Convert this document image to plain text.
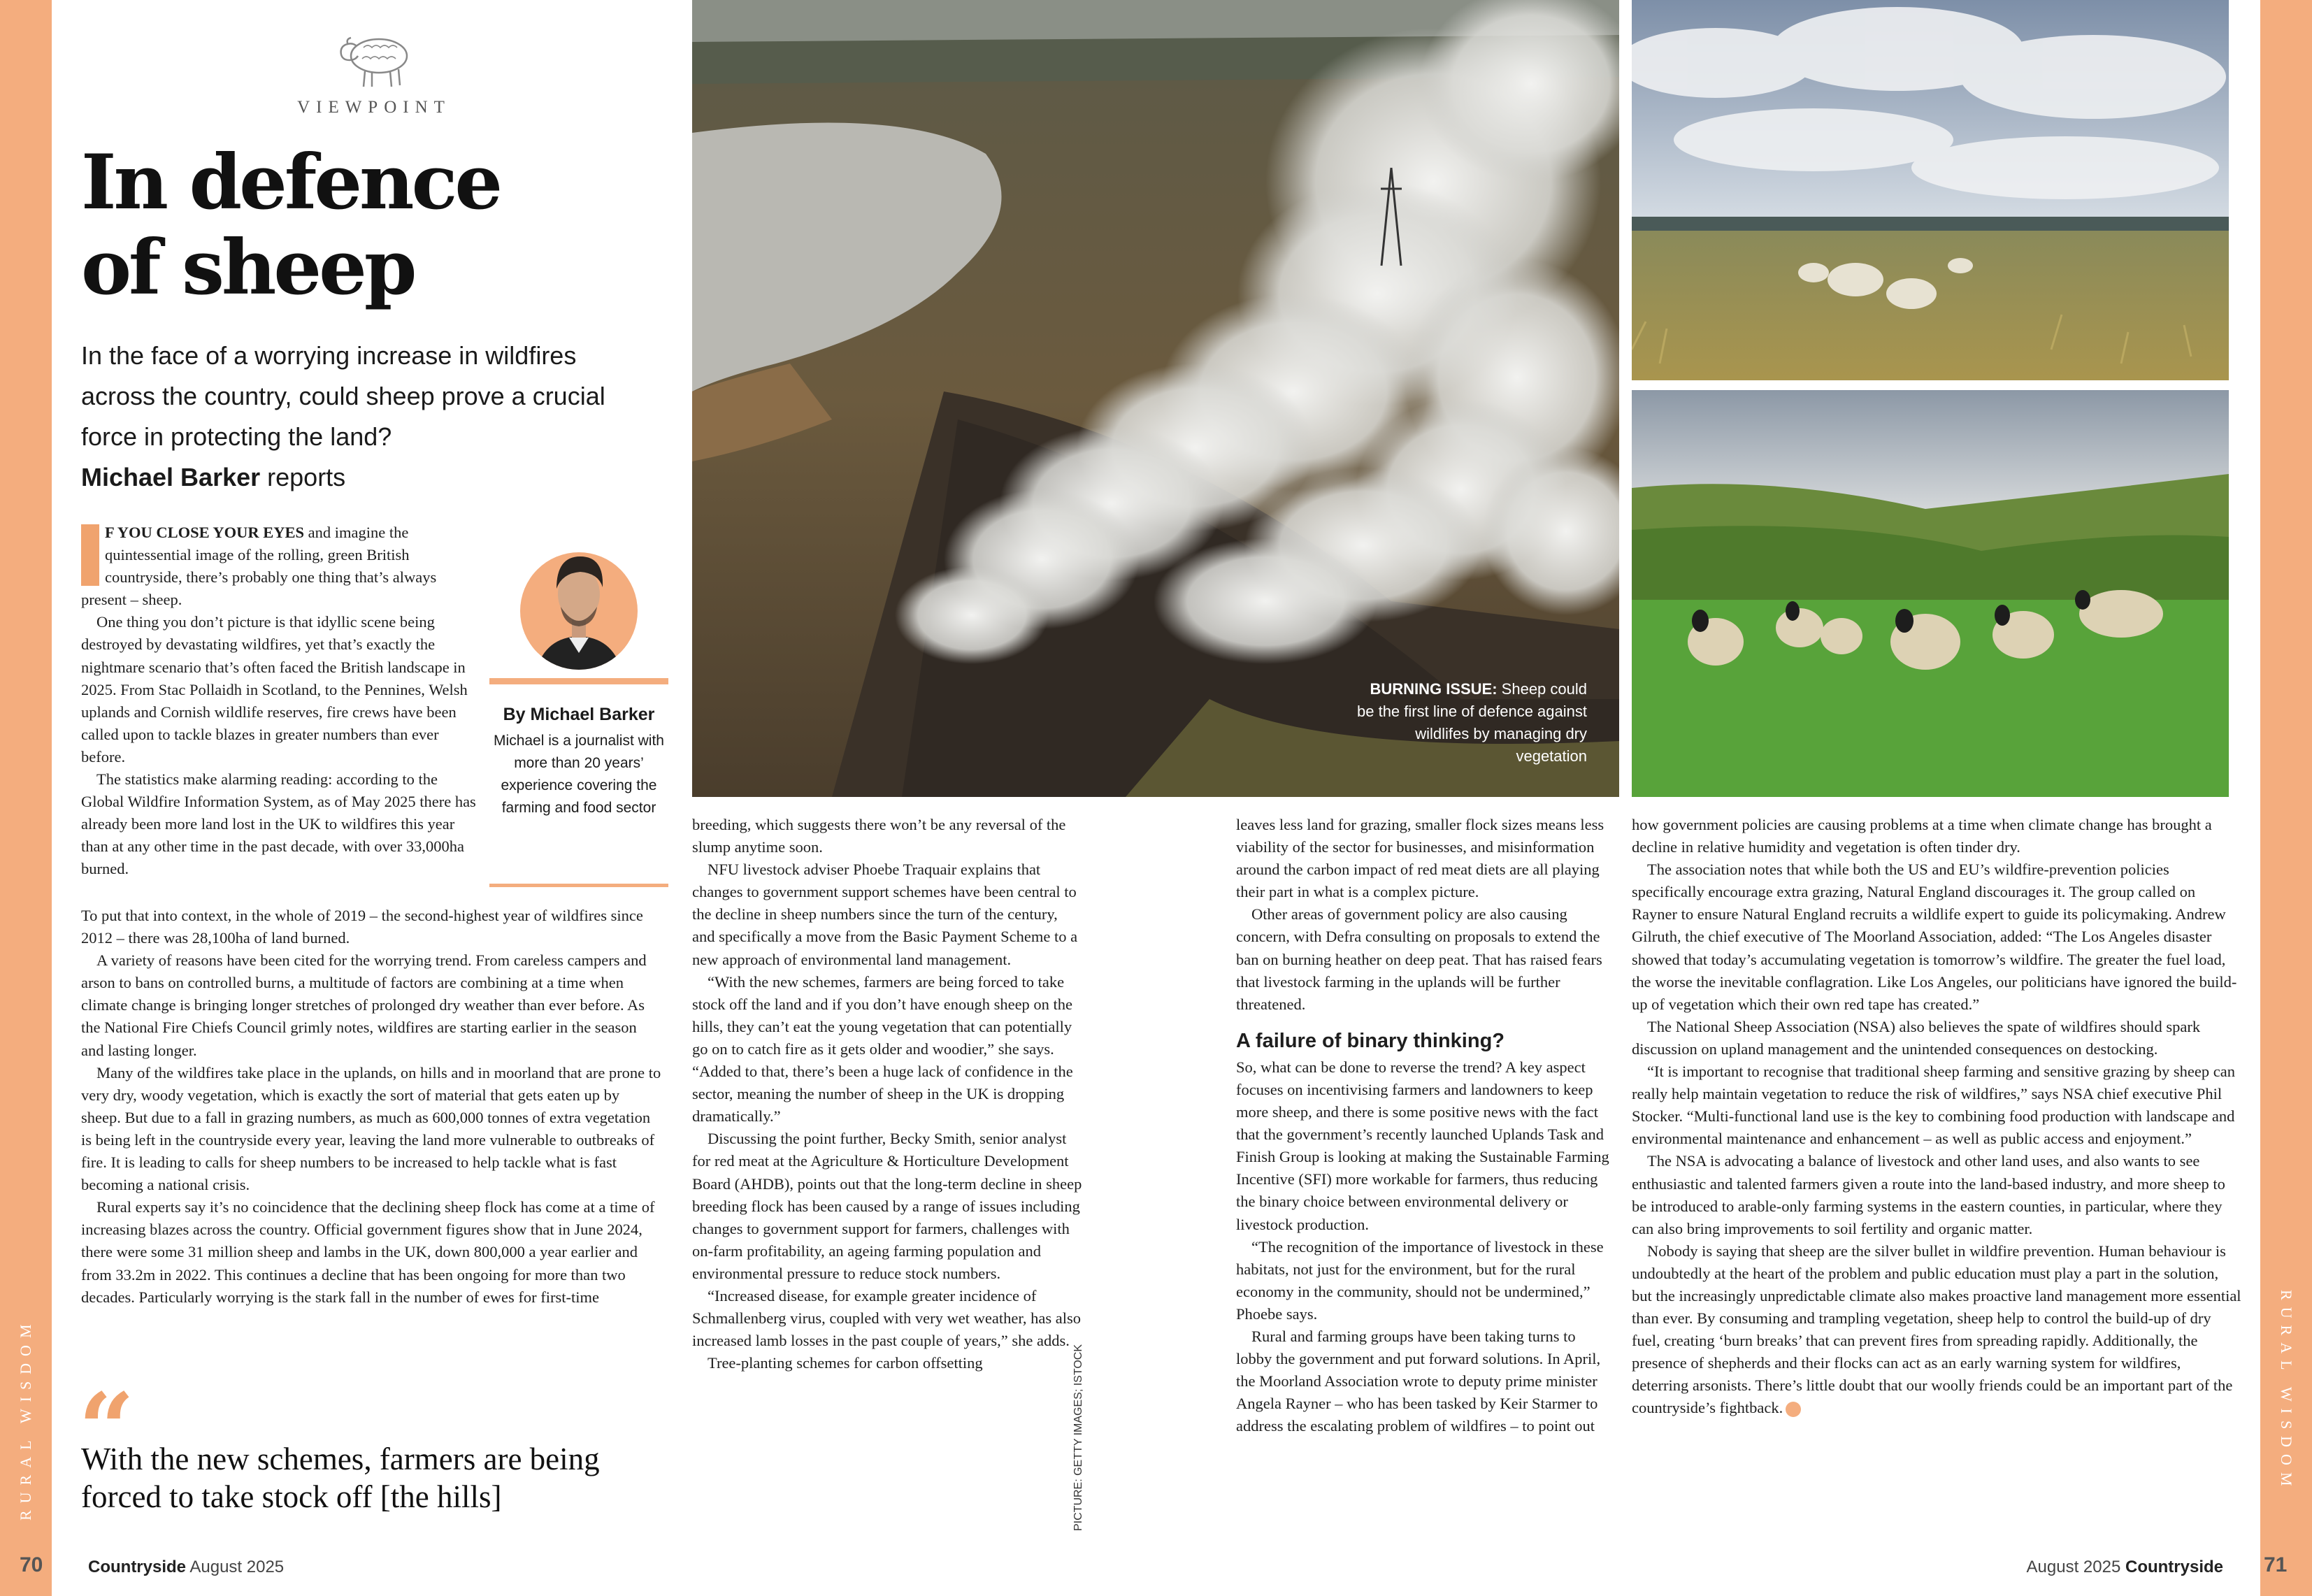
RURAL WISDOM	RURAL WISDOM
VIEWPOINT
In defence
of sheep
In the face of a worrying increase in wildfires across the country, could sheep prove a crucial force in protecting the land?
Michael Barker reports

F YOU CLOSE YOUR EYES and imagine the quintessential image of the rolling, green British countryside, there’s probably one thing that’s always present – sheep.

One thing you don’t picture is that idyllic scene being destroyed by devastating wildfires, yet that’s exactly the nightmare scenario that’s often faced the British landscape in 2025. From Stac Pollaidh in Scotland, to the Pennines, Welsh uplands and Cornish wildlife reserves, fire crews have been called upon to tackle blazes in greater numbers than ever before.

The statistics make alarming reading: according to the Global Wildfire Information System, as of May 2025 there has already been more land lost in the UK to wildfires this year than at any other time in the past decade, with over 33,000ha burned.

By Michael Barker
Michael is a journalist with more than 20 years’ experience covering the farming and food sector

To put that into context, in the whole of 2019 – the second-highest year of wildfires since 2012 – there was 28,100ha of land burned.

A variety of reasons have been cited for the worrying trend. From careless campers and arson to bans on controlled burns, a multitude of factors are combining at a time when climate change is bringing longer stretches of prolonged dry weather than ever before. As the National Fire Chiefs Council grimly notes, wildfires are starting earlier in the season and lasting longer.

Many of the wildfires take place in the uplands, on hills and in moorland that are prone to very dry, woody vegetation, which is exactly the sort of material that gets eaten up by sheep. But due to a fall in grazing numbers, as much as 600,000 tonnes of extra vegetation is being left in the countryside every year, leaving the land more vulnerable to outbreaks of fire. It is leading to calls for sheep numbers to be increased to help tackle what is fast becoming a national crisis.

Rural experts say it’s no coincidence that the declining sheep flock has come at a time of increasing blazes across the country. Official government figures show that in June 2024, there were some 31 million sheep and lambs in the UK, down 800,000 a year earlier and from 33.2m in 2022. This continues a decline that has been ongoing for more than two decades. Particularly worrying is the stark fall in the number of ewes for first-time

“
With the new schemes, farmers are being forced to take stock off [the hills]
BURNING ISSUE: Sheep could be the first line of defence against wildlifes by managing dry vegetation
PICTURE: GETTY IMAGES; ISTOCK

breeding, which suggests there won’t be any reversal of the slump anytime soon.

NFU livestock adviser Phoebe Traquair explains that changes to government support schemes have been central to the decline in sheep numbers since the turn of the century, and specifically a move from the Basic Payment Scheme to a new approach of environmental land management.

“With the new schemes, farmers are being forced to take stock off the land and if you don’t have enough sheep on the hills, they can’t eat the young vegetation that can potentially go on to catch fire as it gets older and woodier,” she says. “Added to that, there’s been a huge lack of confidence in the sector, meaning the number of sheep in the UK is dropping dramatically.”

Discussing the point further, Becky Smith, senior analyst for red meat at the Agriculture & Horticulture Development Board (AHDB), points out that the long-term decline in sheep breeding flock has been caused by a range of issues including changes to government support for farmers, challenges with on-farm profitability, an ageing farming population and environmental pressure to reduce stock numbers.

“Increased disease, for example greater incidence of Schmallenberg virus, coupled with very wet weather, has also increased lamb losses in the past couple of years,” she adds.

Tree-planting schemes for carbon offsetting

leaves less land for grazing, smaller flock sizes means less viability of the sector for businesses, and misinformation around the carbon impact of red meat diets are all playing their part in what is a complex picture.

Other areas of government policy are also causing concern, with Defra consulting on proposals to extend the ban on burning heather on deep peat. That has raised fears that livestock farming in the uplands will be further threatened.

A failure of binary thinking?

So, what can be done to reverse the trend? A key aspect focuses on incentivising farmers and landowners to keep more sheep, and there is some positive news with the fact that the government’s recently launched Uplands Task and Finish Group is looking at making the Sustainable Farming Incentive (SFI) more workable for farmers, thus reducing the binary choice between environmental delivery or livestock production.

“The recognition of the importance of livestock in these habitats, not just for the environment, but for the rural economy in the community, should not be undermined,” Phoebe says.

Rural and farming groups have been taking turns to lobby the government and put forward solutions. In April, the Moorland Association wrote to deputy prime minister Angela Rayner – who has been tasked by Keir Starmer to address the escalating problem of wildfires – to point out

how government policies are causing problems at a time when climate change has brought a decline in relative humidity and vegetation is often tinder dry.

The association notes that while both the US and EU’s wildfire-prevention policies specifically encourage extra grazing, Natural England discourages it. The group called on Rayner to ensure Natural England recruits a wildlife expert to guide its policymaking. Andrew Gilruth, the chief executive of The Moorland Association, added: “The Los Angeles disaster showed that today’s accumulating vegetation is tomorrow’s wildfire. The greater the fuel load, the worse the inevitable conflagration. Like Los Angeles, our politicians have ignored the build-up of vegetation which their own red tape has created.”

The National Sheep Association (NSA) also believes the spate of wildfires should spark discussion on upland management and the unintended consequences on destocking.

“It is important to recognise that traditional sheep farming and sensitive grazing by sheep can really help maintain vegetation to reduce the risk of wildfires,” says NSA chief executive Phil Stocker. “Multi-functional land use is the key to combining food production with landscape and environmental maintenance and enhancement – as well as public access and enjoyment.”

The NSA is advocating a balance of livestock and other land uses, and also wants to see enthusiastic and talented farmers given a route into the land-based industry, and more sheep to be introduced to arable-only farming systems in the eastern counties, in particular, where they can also bring improvements to soil fertility and organic matter.

Nobody is saying that sheep are the silver bullet in wildfire prevention. Human behaviour is undoubtedly at the heart of the problem and public education must play a part in the solution, but the increasingly unpredictable climate also makes proactive land management more essential than ever. By consuming and trampling vegetation, sheep help to control the build-up of dry fuel, creating ‘burn breaks’ that can prevent fires from spreading rapidly. Additionally, the presence of shepherds and their flocks can act as an early warning system for wildfires, deterring arsonists. There’s little doubt that our woolly friends could be an important part of the countryside’s fightback.

70	Countryside August 2025	August 2025 Countryside 71
